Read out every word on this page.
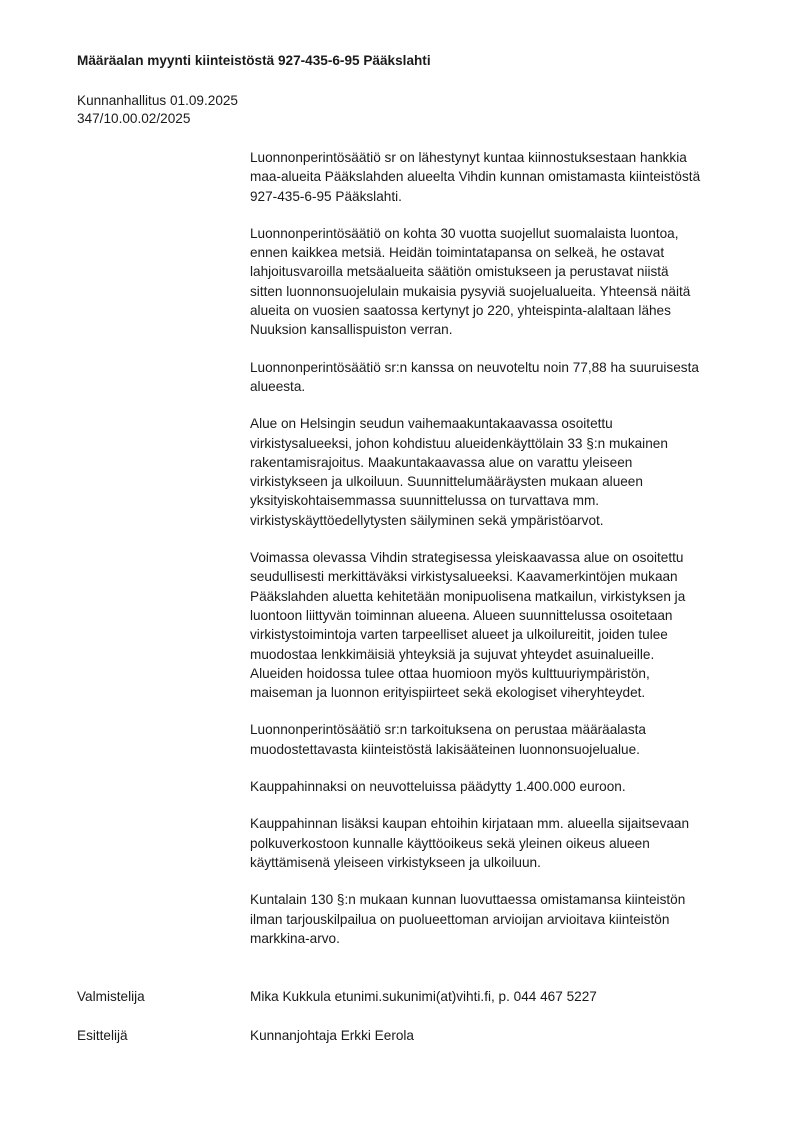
Määräalan myynti kiinteistöstä 927-435-6-95 Pääkslahti
Kunnanhallitus 01.09.2025
347/10.00.02/2025

Luonnonperintösäätiö sr on lähestynyt kuntaa kiinnostuksestaan hankkia
maa-alueita Pääkslahden alueelta Vihdin kunnan omistamasta kiinteistöstä
927-435-6-95 Pääkslahti.

Luonnonperintösäätiö on kohta 30 vuotta suojellut suomalaista luontoa,
ennen kaikkea metsiä. Heidän toimintatapansa on selkeä, he ostavat
lahjoitusvaroilla metsäalueita säätiön omistukseen ja perustavat niistä
sitten luonnonsuojelulain mukaisia pysyviä suojelualueita. Yhteensä näitä
alueita on vuosien saatossa kertynyt jo 220, yhteispinta-alaltaan lähes
Nuuksion kansallispuiston verran.

Luonnonperintösäätiö sr:n kanssa on neuvoteltu noin 77,88 ha suuruisesta
alueesta.

Alue on Helsingin seudun vaihemaakuntakaavassa osoitettu
virkistysalueeksi, johon kohdistuu alueidenkäyttölain 33 §:n mukainen
rakentamisrajoitus. Maakuntakaavassa alue on varattu yleiseen
virkistykseen ja ulkoiluun. Suunnittelumääräysten mukaan alueen
yksityiskohtaisemmassa suunnittelussa on turvattava mm.
virkistyskäyttöedellytysten säilyminen sekä ympäristöarvot.

Voimassa olevassa Vihdin strategisessa yleiskaavassa alue on osoitettu
seudullisesti merkittäväksi virkistysalueeksi. Kaavamerkintöjen mukaan
Pääkslahden aluetta kehitetään monipuolisena matkailun, virkistyksen ja
luontoon liittyvän toiminnan alueena. Alueen suunnittelussa osoitetaan
virkistystoimintoja varten tarpeelliset alueet ja ulkoilureitit, joiden tulee
muodostaa lenkkimäisiä yhteyksiä ja sujuvat yhteydet asuinalueille.
Alueiden hoidossa tulee ottaa huomioon myös kulttuuriympäristön,
maiseman ja luonnon erityispiirteet sekä ekologiset viheryhteydet.

Luonnonperintösäätiö sr:n tarkoituksena on perustaa määräalasta
muodostettavasta kiinteistöstä lakisääteinen luonnonsuojelualue.

Kauppahinnaksi on neuvotteluissa päädytty 1.400.000 euroon.

Kauppahinnan lisäksi kaupan ehtoihin kirjataan mm. alueella sijaitsevaan
polkuverkostoon kunnalle käyttöoikeus sekä yleinen oikeus alueen
käyttämisenä yleiseen virkistykseen ja ulkoiluun.

Kuntalain 130 §:n mukaan kunnan luovuttaessa omistamansa kiinteistön
ilman tarjouskilpailua on puolueettoman arvioijan arvioitava kiinteistön
markkina-arvo.

Valmistelija	Mika Kukkula etunimi.sukunimi(at)vihti.fi, p. 044 467 5227
Esittelijä	Kunnanjohtaja Erkki Eerola
